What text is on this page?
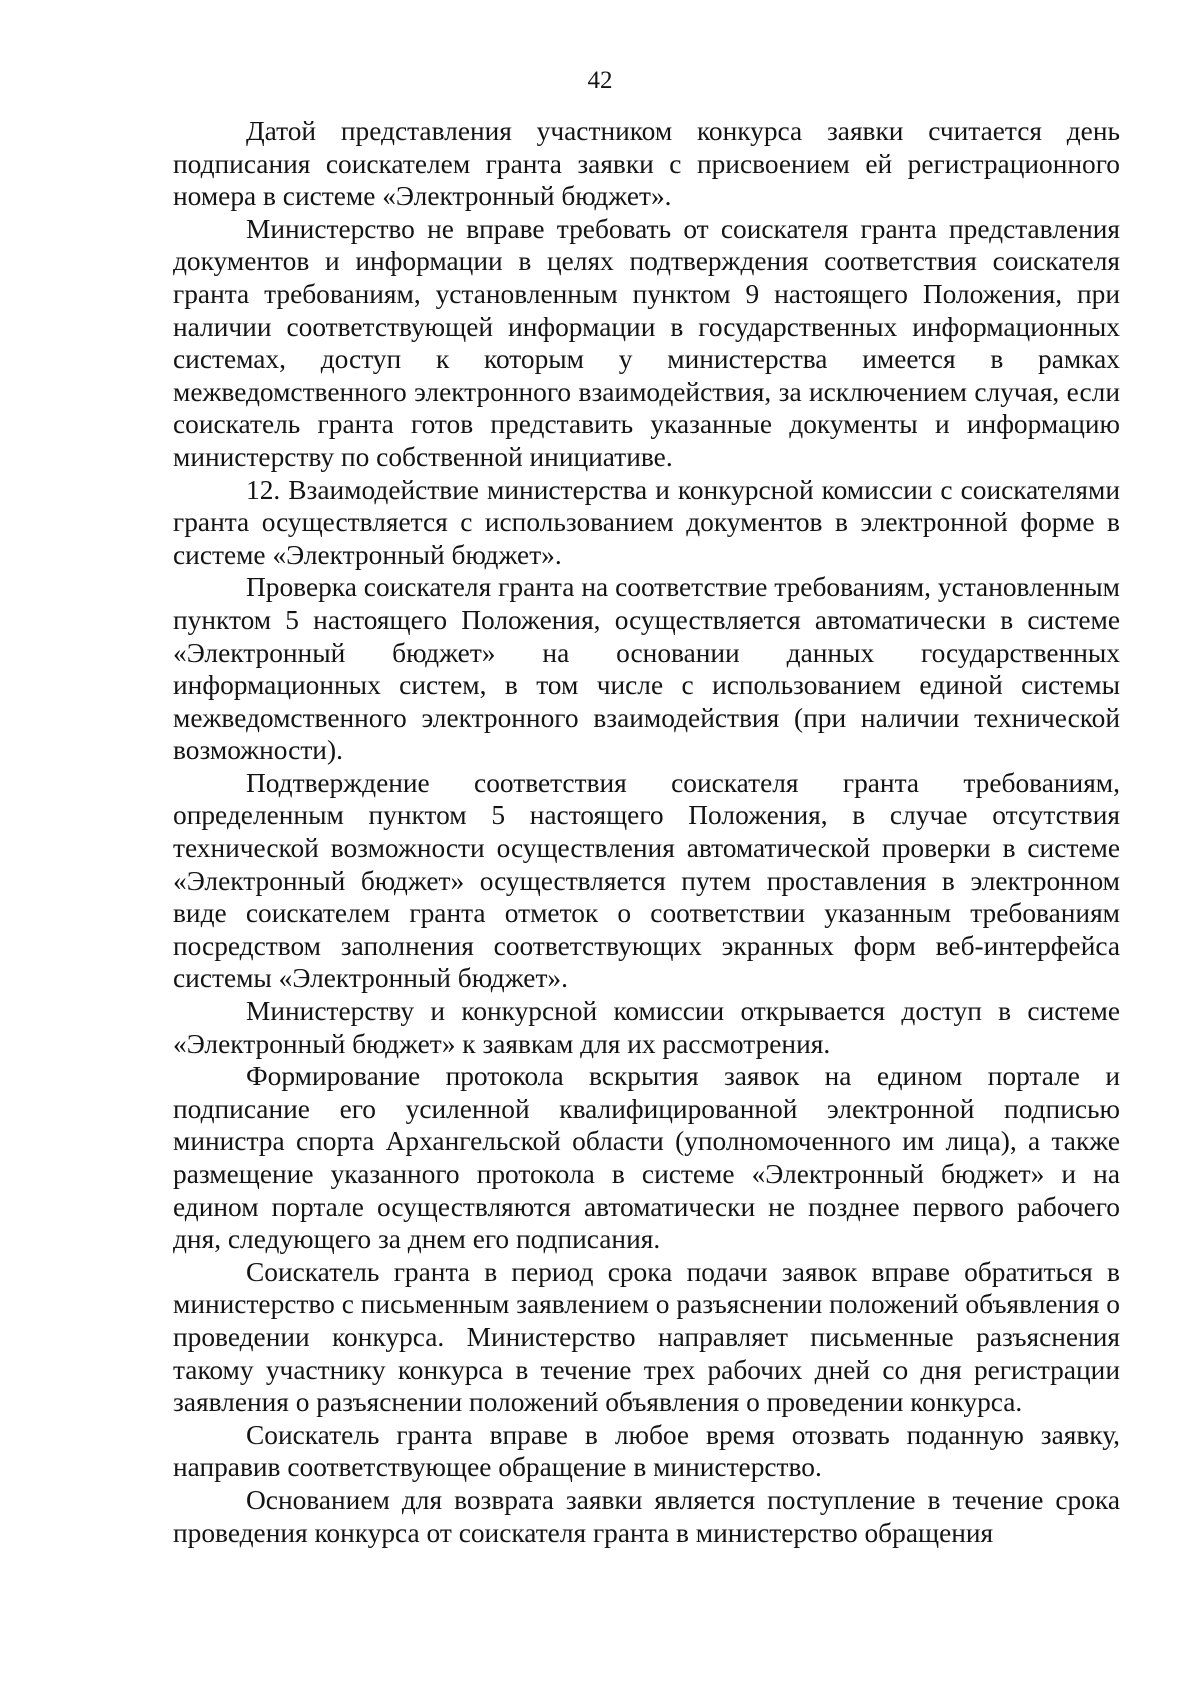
42

Датой представления участником конкурса заявки считается день подписания соискателем гранта заявки с присвоением ей регистрационного номера в системе «Электронный бюджет».

Министерство не вправе требовать от соискателя гранта представления документов и информации в целях подтверждения соответствия соискателя гранта требованиям, установленным пунктом 9 настоящего Положения, при наличии соответствующей информации в государственных информационных системах, доступ к которым у министерства имеется в рамках межведомственного электронного взаимодействия, за исключением случая, если соискатель гранта готов представить указанные документы и информацию министерству по собственной инициативе.

12. Взаимодействие министерства и конкурсной комиссии с соискателями гранта осуществляется с использованием документов в электронной форме в системе «Электронный бюджет».

Проверка соискателя гранта на соответствие требованиям, установленным пунктом 5 настоящего Положения, осуществляется автоматически в системе «Электронный бюджет» на основании данных государственных информационных систем, в том числе с использованием единой системы межведомственного электронного взаимодействия (при наличии технической возможности).

Подтверждение соответствия соискателя гранта требованиям, определенным пунктом 5 настоящего Положения, в случае отсутствия технической возможности осуществления автоматической проверки в системе «Электронный бюджет» осуществляется путем проставления в электронном виде соискателем гранта отметок о соответствии указанным требованиям посредством заполнения соответствующих экранных форм веб-интерфейса системы «Электронный бюджет».

Министерству и конкурсной комиссии открывается доступ в системе «Электронный бюджет» к заявкам для их рассмотрения.

Формирование протокола вскрытия заявок на едином портале и подписание его усиленной квалифицированной электронной подписью министра спорта Архангельской области (уполномоченного им лица), а также размещение указанного протокола в системе «Электронный бюджет» и на едином портале осуществляются автоматически не позднее первого рабочего дня, следующего за днем его подписания.

Соискатель гранта в период срока подачи заявок вправе обратиться в министерство с письменным заявлением о разъяснении положений объявления о проведении конкурса. Министерство направляет письменные разъяснения такому участнику конкурса в течение трех рабочих дней со дня регистрации заявления о разъяснении положений объявления о проведении конкурса.

Соискатель гранта вправе в любое время отозвать поданную заявку, направив соответствующее обращение в министерство.

Основанием для возврата заявки является поступление в течение срока проведения конкурса от соискателя гранта в министерство обращения
